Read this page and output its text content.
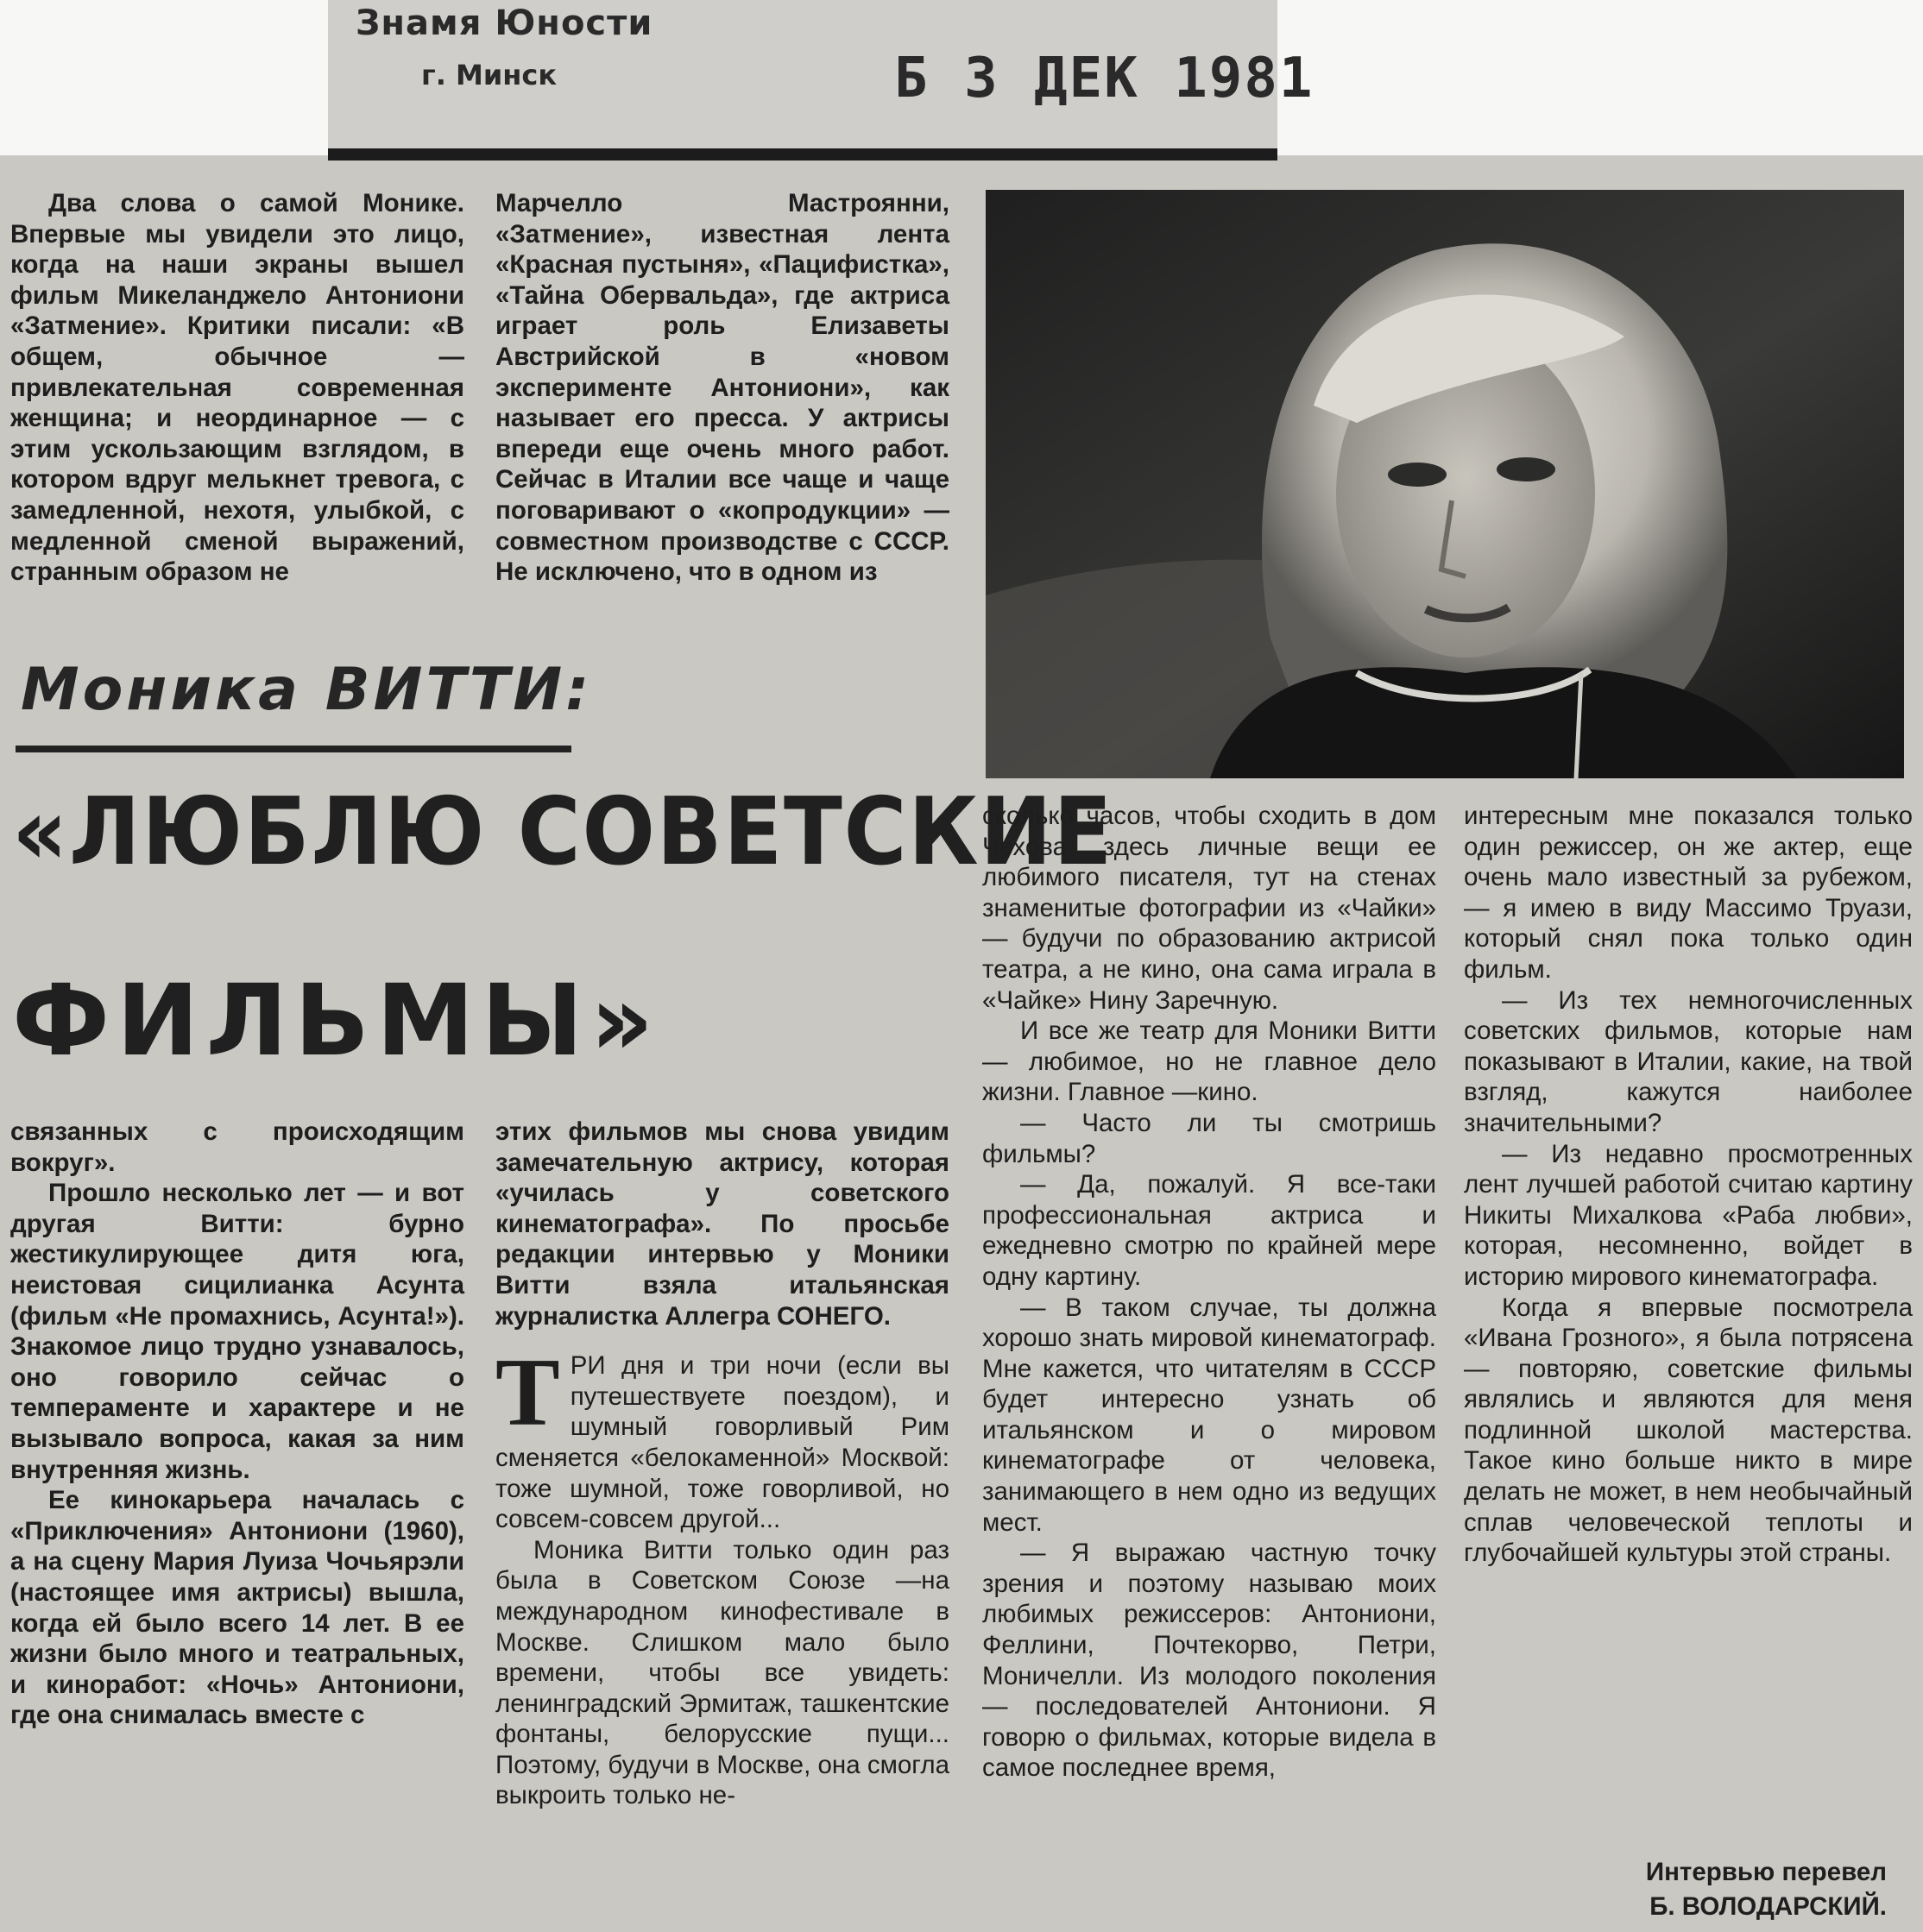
Знамя Юности
г. Минск	Б 3 ДЕК 1981

Два слова о самой Монике. Впервые мы увидели это лицо, когда на наши экраны вышел фильм Микеланджело Антониони «Затмение». Критики писали: «В общем, обычное — привлекательная современная женщина; и неординарное — с этим ускользающим взглядом, в котором вдруг мелькнет тревога, с замедленной, нехотя, улыбкой, с медленной сменой выражений, странным образом не

Марчелло Мастроянни, «Затмение», известная лента «Красная пустыня», «Пацифистка», «Тайна Обервальда», где актриса играет роль Елизаветы Австрийской в «новом эксперименте Антониони», как называет его пресса. У актрисы впереди еще очень много работ. Сейчас в Италии все чаще и чаще поговаривают о «копродукции» — совместном производстве с СССР. Не исключено, что в одном из

Моника ВИТТИ:
«ЛЮБЛЮ СОВЕТСКИЕ
ФИЛЬМЫ»

связанных с происходящим вокруг».

Прошло несколько лет — и вот другая Витти: бурно жестикулирующее дитя юга, неистовая сицилианка Асунта (фильм «Не промахнись, Асунта!»). Знакомое лицо трудно узнавалось, оно говорило сейчас о темпераменте и характере и не вызывало вопроса, какая за ним внутренняя жизнь.

Ее кинокарьера началась с «Приключения» Антониони (1960), а на сцену Мария Луиза Чочьярэли (настоящее имя актрисы) вышла, когда ей было всего 14 лет. В ее жизни было много и театральных, и киноработ: «Ночь» Антониони, где она снималась вместе с

этих фильмов мы снова увидим замечательную актрису, которая «училась у советского кинематографа». По просьбе редакции интервью у Моники Витти взяла итальянская журналистка Аллегра СОНЕГО.

ТРИ дня и три ночи (если вы путешествуете поездом), и шумный говорливый Рим сменяется «белокаменной» Москвой: тоже шумной, тоже говорливой, но совсем-совсем другой...

Моника Витти только один раз была в Советском Союзе —на международном кинофестивале в Москве. Слишком мало было времени, чтобы все увидеть: ленинградский Эрмитаж, ташкентские фонтаны, белорусские пущи... Поэтому, будучи в Москве, она смогла выкроить только не-

сколько часов, чтобы сходить в дом Чехова: здесь личные вещи ее любимого писателя, тут на стенах знаменитые фотографии из «Чайки» — будучи по образованию актрисой театра, а не кино, она сама играла в «Чайке» Нину Заречную.

И все же театр для Моники Витти — любимое, но не главное дело жизни. Главное —кино.

— Часто ли ты смотришь фильмы?

— Да, пожалуй. Я все-таки профессиональная актриса и ежедневно смотрю по крайней мере одну картину.

— В таком случае, ты должна хорошо знать мировой кинематограф. Мне кажется, что читателям в СССР будет интересно узнать об итальянском и о мировом кинематографе от человека, занимающего в нем одно из ведущих мест.

— Я выражаю частную точку зрения и поэтому называю моих любимых режиссеров: Антониони, Феллини, Почтекорво, Петри, Моничелли. Из молодого поколения — последователей Антониони. Я говорю о фильмах, которые видела в самое последнее время,

интересным мне показался только один режиссер, он же актер, еще очень мало известный за рубежом, — я имею в виду Массимо Труази, который снял пока только один фильм.

— Из тех немногочисленных советских фильмов, которые нам показывают в Италии, какие, на твой взгляд, кажутся наиболее значительными?

— Из недавно просмотренных лент лучшей работой считаю картину Никиты Михалкова «Раба любви», которая, несомненно, войдет в историю мирового кинематографа.

Когда я впервые посмотрела «Ивана Грозного», я была потрясена — повторяю, советские фильмы являлись и являются для меня подлинной школой мастерства. Такое кино больше никто в мире делать не может, в нем необычайный сплав человеческой теплоты и глубочайшей культуры этой страны.

Интервью перевел
Б. ВОЛОДАРСКИЙ.
